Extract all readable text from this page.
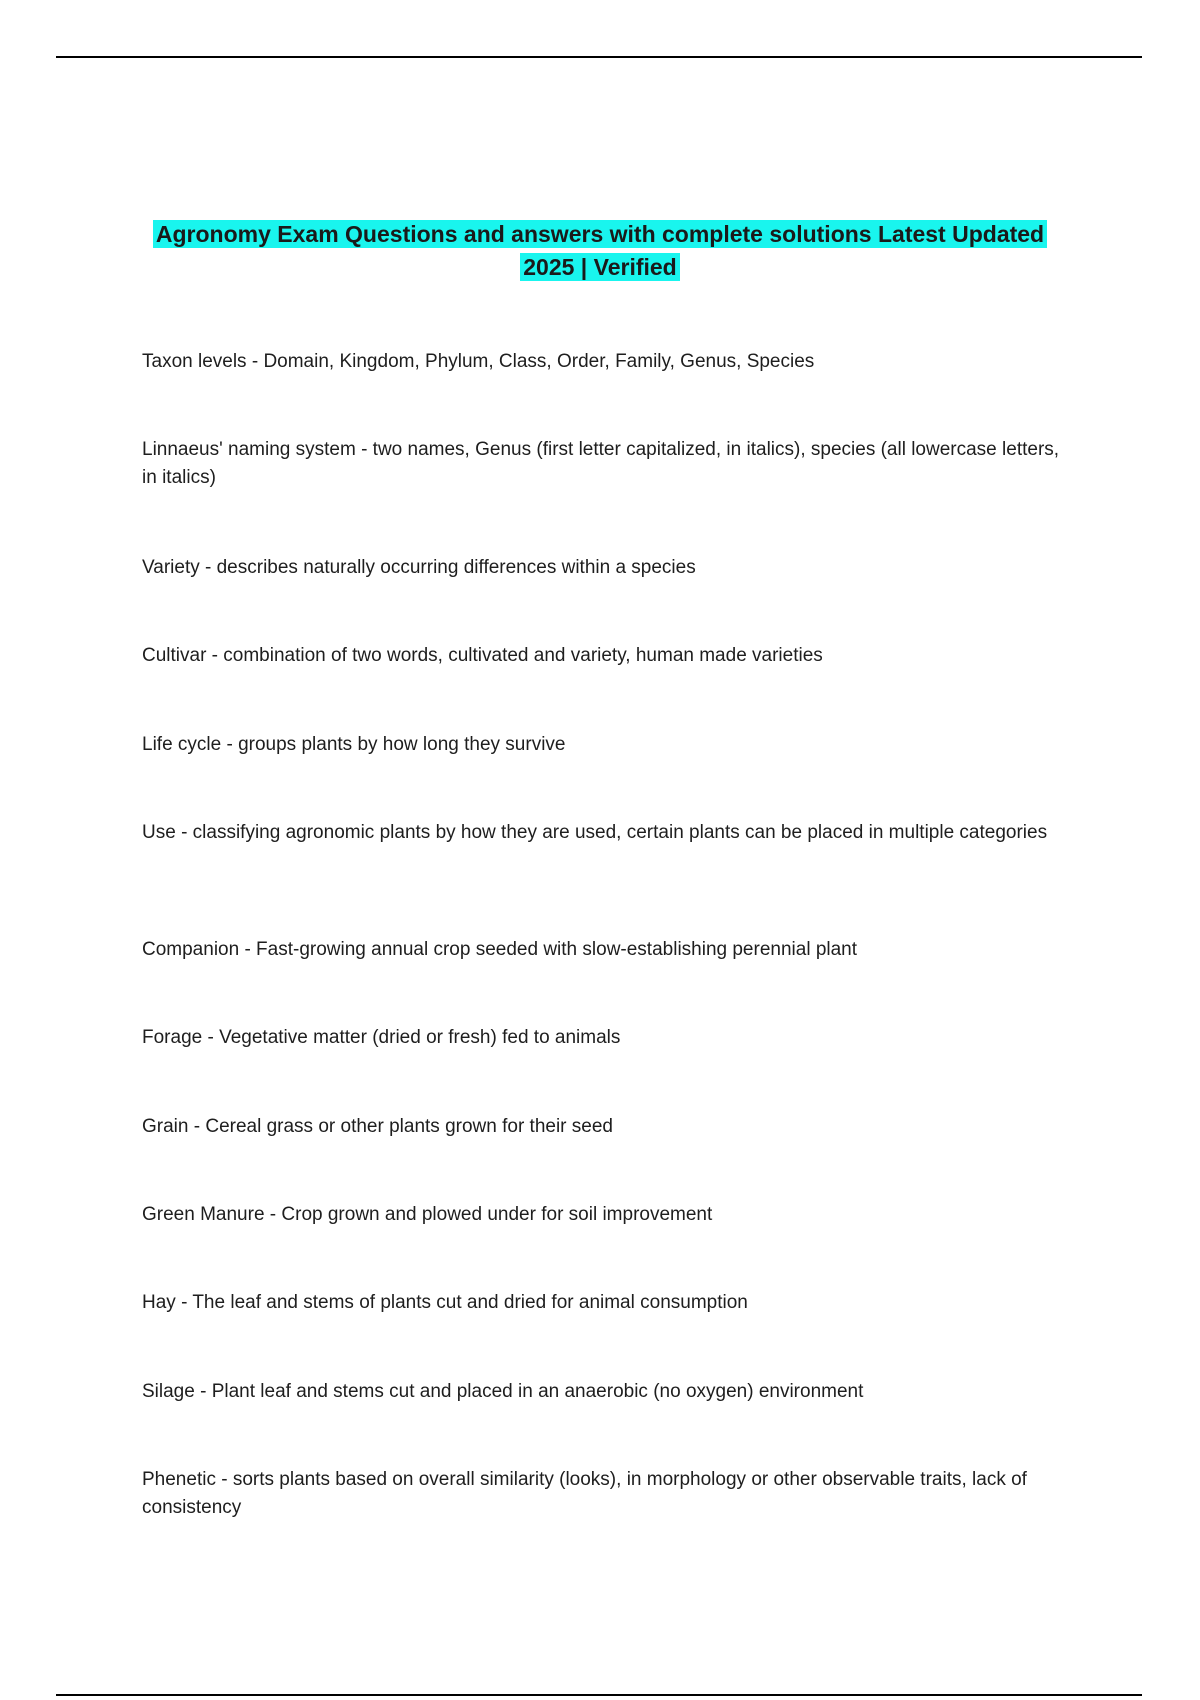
Agronomy Exam Questions and answers with complete solutions Latest Updated 2025 | Verified
Taxon levels - Domain, Kingdom, Phylum, Class, Order, Family, Genus, Species
Linnaeus' naming system - two names, Genus (first letter capitalized, in italics), species (all lowercase letters, in italics)
Variety - describes naturally occurring differences within a species
Cultivar - combination of two words, cultivated and variety, human made varieties
Life cycle - groups plants by how long they survive
Use - classifying agronomic plants by how they are used, certain plants can be placed in multiple categories
Companion - Fast-growing annual crop seeded with slow-establishing perennial plant
Forage - Vegetative matter (dried or fresh) fed to animals
Grain - Cereal grass or other plants grown for their seed
Green Manure - Crop grown and plowed under for soil improvement
Hay - The leaf and stems of plants cut and dried for animal consumption
Silage - Plant leaf and stems cut and placed in an anaerobic (no oxygen) environment
Phenetic - sorts plants based on overall similarity (looks), in morphology or other observable traits, lack of consistency
